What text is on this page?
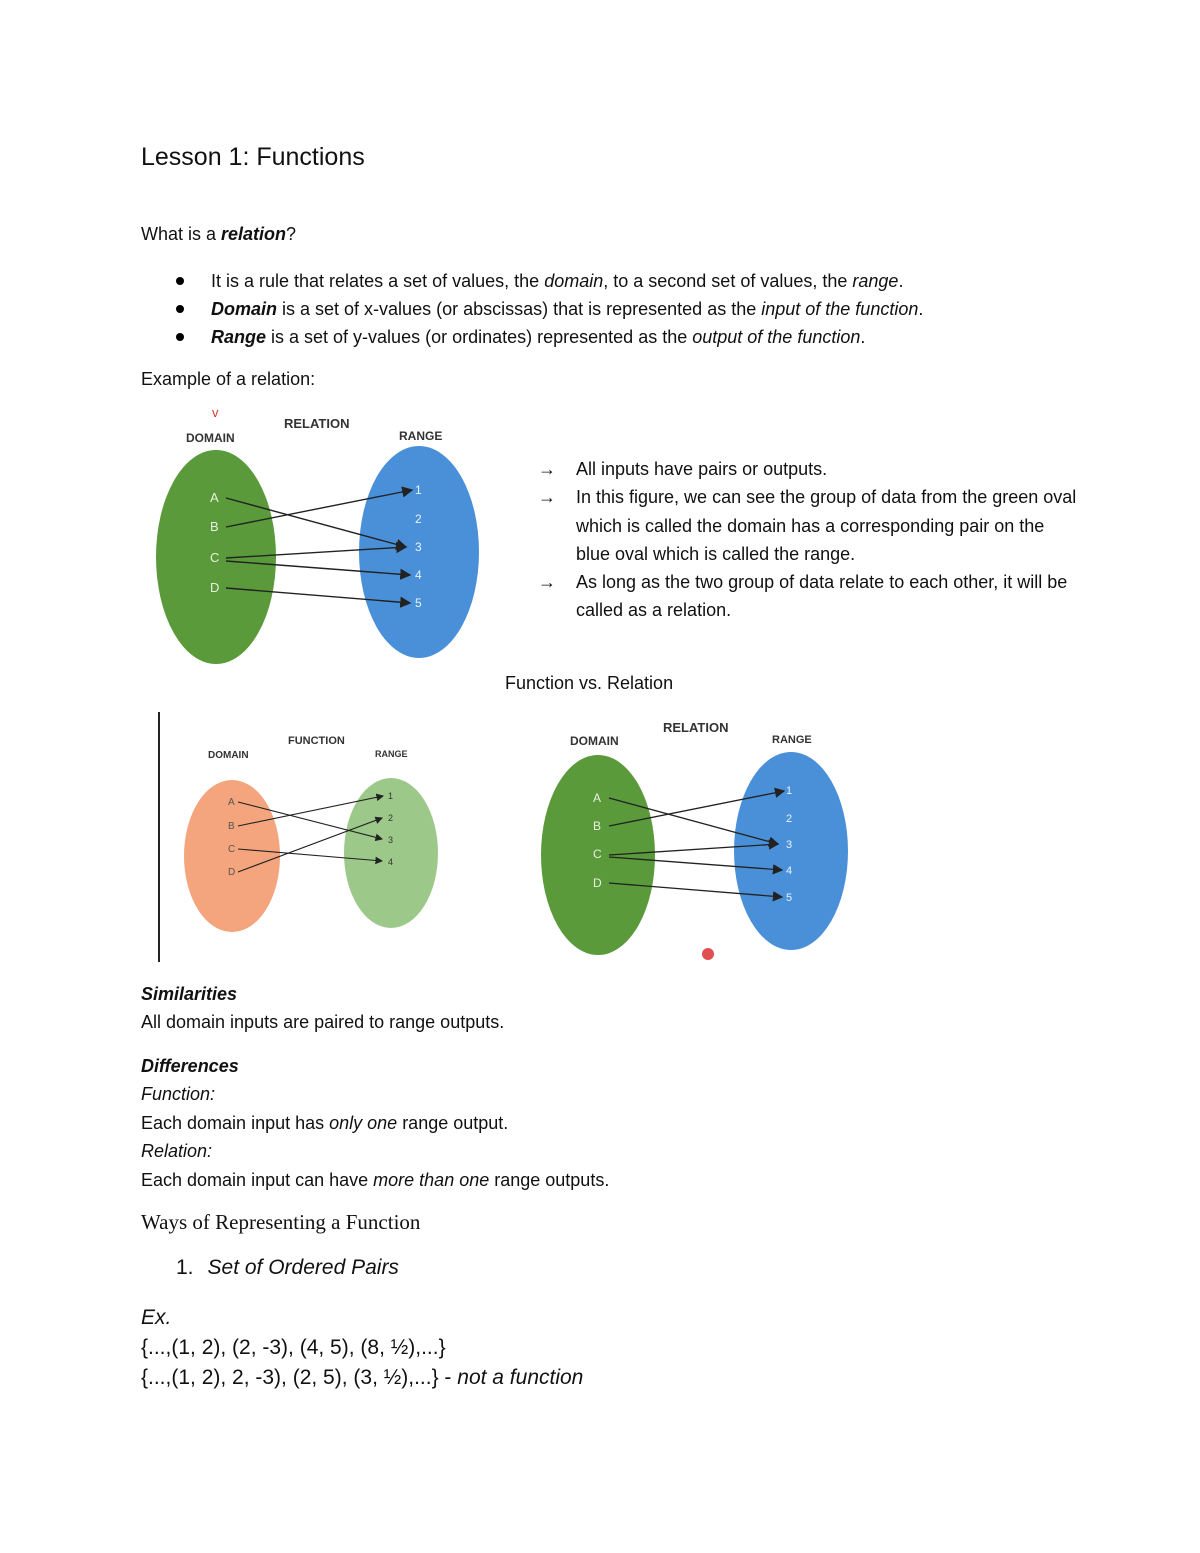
Lesson 1: Functions
What is a relation?
It is a rule that relates a set of values, the domain, to a second set of values, the range.
Domain is a set of x-values (or abscissas) that is represented as the input of the function.
Range is a set of y-values (or ordinates) represented as the output of the function.
Example of a relation:
v
DOMAIN
RELATION
RANGE
A
B
C
D
1
2
3
4
5
→ All inputs have pairs or outputs.
→ In this figure, we can see the group of data from the green oval which is called the domain has a corresponding pair on the blue oval which is called the range.
→ As long as the two group of data relate to each other, it will be called as a relation.
Function vs. Relation
DOMAIN
FUNCTION
RANGE
A
B
C
D
1
2
3
4
DOMAIN
RELATION
RANGE
A
B
C
D
1
2
3
4
5
Similarities
All domain inputs are paired to range outputs.
Differences
Function:
Each domain input has only one range output.
Relation:
Each domain input can have more than one range outputs.
Ways of Representing a Function
1. Set of Ordered Pairs
Ex.
{...,(1, 2), (2, -3), (4, 5), (8, ½),...}
{...,(1, 2), 2, -3), (2, 5), (3, ½),...} - not a function
